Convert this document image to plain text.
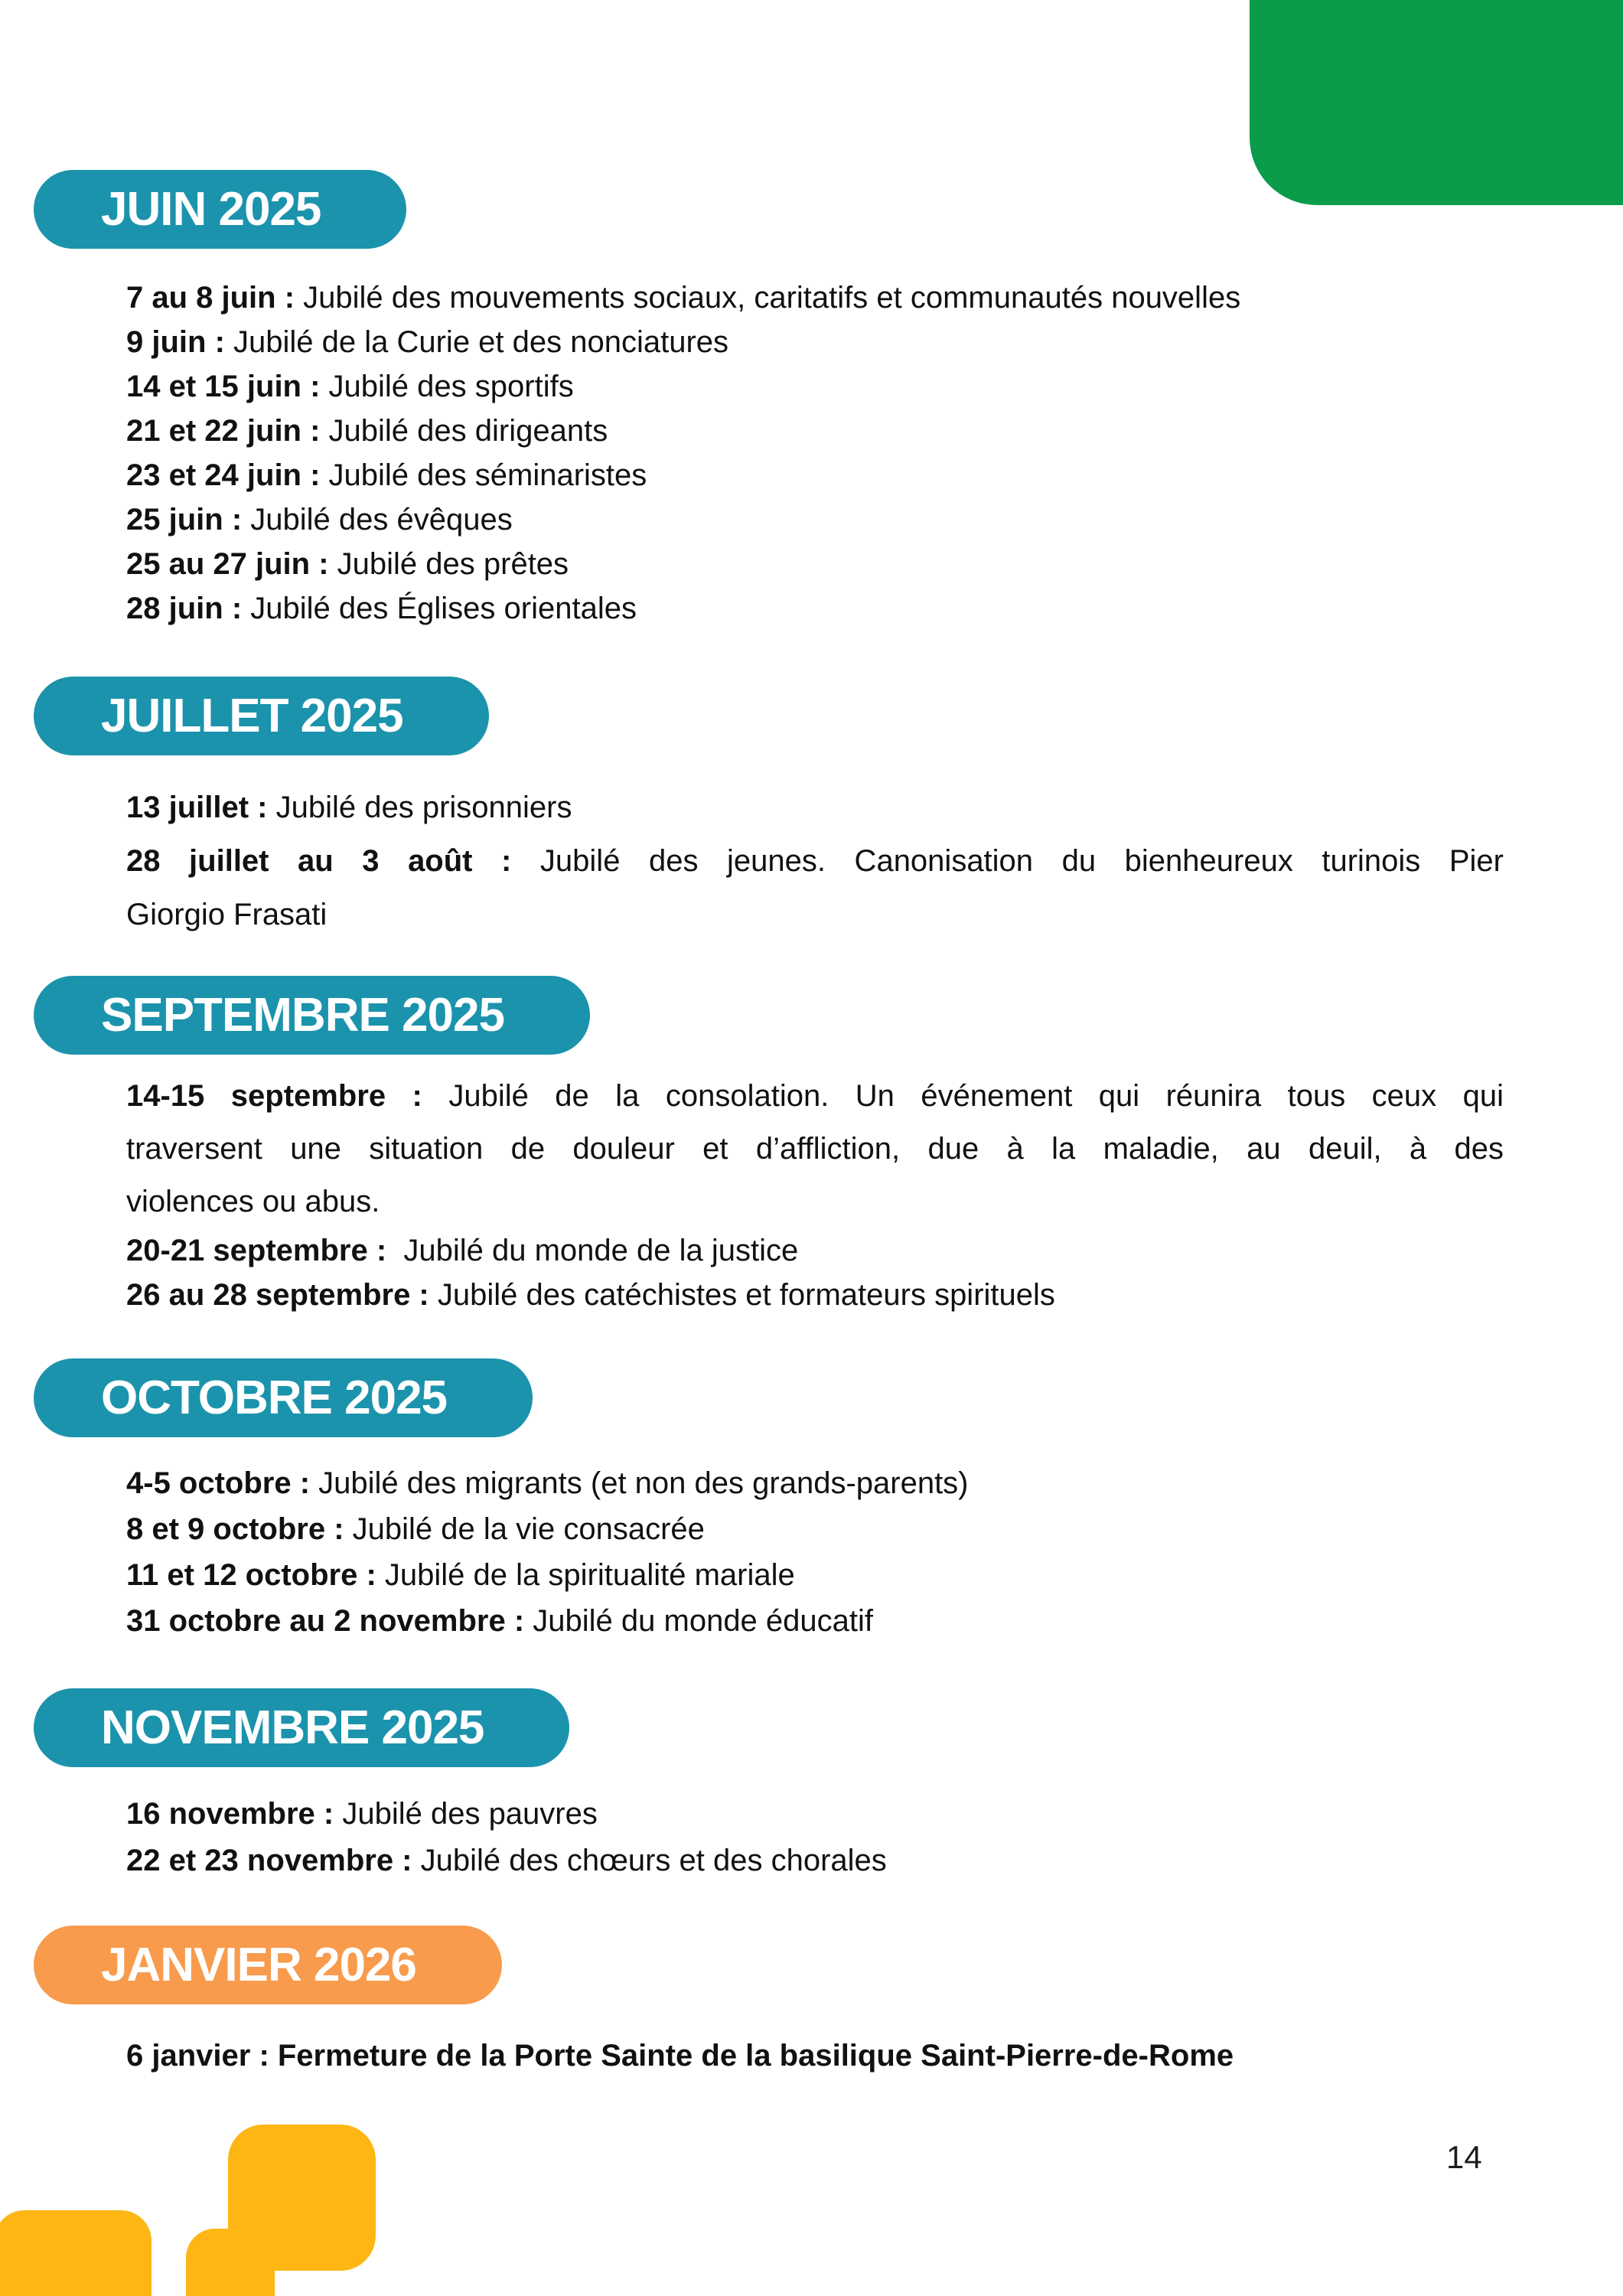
JUIN 2025
7 au 8 juin : Jubilé des mouvements sociaux, caritatifs et communautés nouvelles
9 juin : Jubilé de la Curie et des nonciatures
14 et 15 juin : Jubilé des sportifs
21 et 22 juin : Jubilé des dirigeants
23 et 24 juin : Jubilé des séminaristes
25 juin : Jubilé des évêques
25 au 27 juin : Jubilé des prêtes
28 juin : Jubilé des Églises orientales
JUILLET 2025
13 juillet : Jubilé des prisonniers
28 juillet au 3 août : Jubilé des jeunes. Canonisation du bienheureux turinois Pier
Giorgio Frasati
SEPTEMBRE 2025
14-15 septembre : Jubilé de la consolation. Un événement qui réunira tous ceux qui
traversent une situation de douleur et d’affliction, due à la maladie, au deuil, à des
violences ou abus.
20-21 septembre :  Jubilé du monde de la justice
26 au 28 septembre : Jubilé des catéchistes et formateurs spirituels
OCTOBRE 2025
4-5 octobre : Jubilé des migrants (et non des grands-parents)
8 et 9 octobre : Jubilé de la vie consacrée
11 et 12 octobre : Jubilé de la spiritualité mariale
31 octobre au 2 novembre : Jubilé du monde éducatif
NOVEMBRE 2025
16 novembre : Jubilé des pauvres
22 et 23 novembre : Jubilé des chœurs et des chorales
JANVIER 2026
6 janvier : Fermeture de la Porte Sainte de la basilique Saint-Pierre-de-Rome
14
